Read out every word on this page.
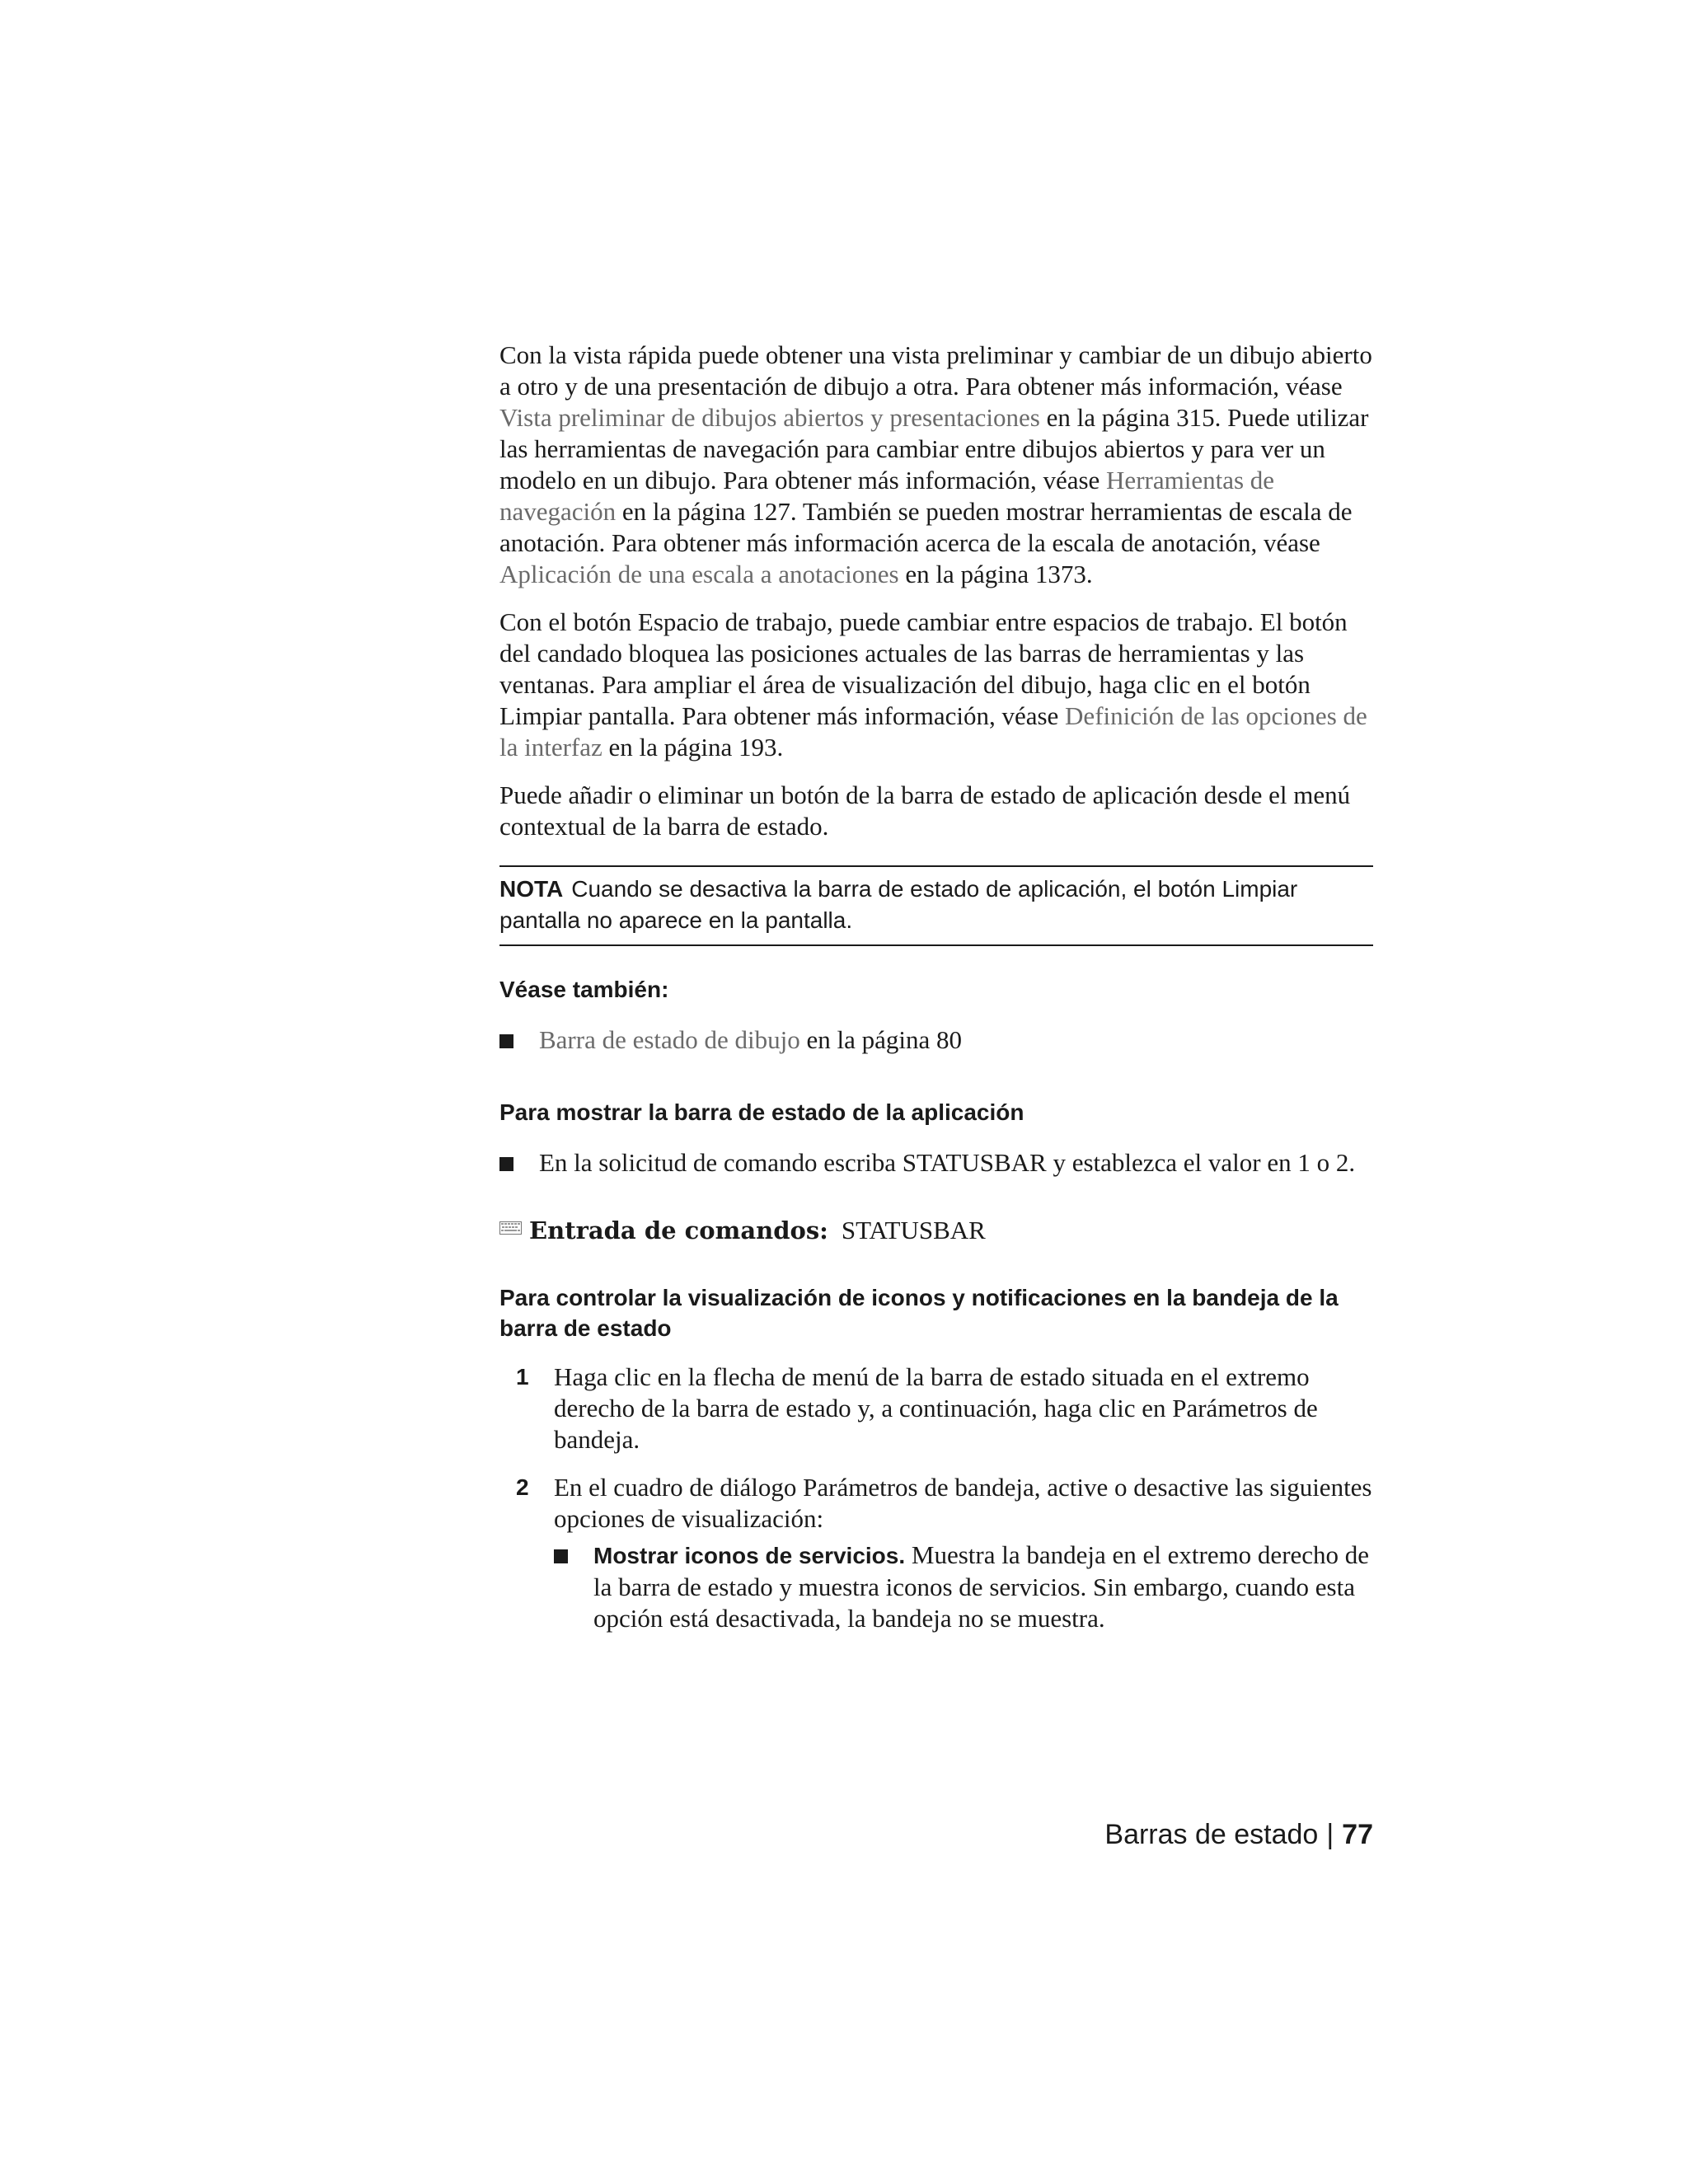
Con la vista rápida puede obtener una vista preliminar y cambiar de un dibujo abierto a otro y de una presentación de dibujo a otra. Para obtener más información, véase Vista preliminar de dibujos abiertos y presentaciones en la página 315. Puede utilizar las herramientas de navegación para cambiar entre dibujos abiertos y para ver un modelo en un dibujo. Para obtener más información, véase Herramientas de navegación en la página 127. También se pueden mostrar herramientas de escala de anotación. Para obtener más información acerca de la escala de anotación, véase Aplicación de una escala a anotaciones en la página 1373.

Con el botón Espacio de trabajo, puede cambiar entre espacios de trabajo. El botón del candado bloquea las posiciones actuales de las barras de herramientas y las ventanas. Para ampliar el área de visualización del dibujo, haga clic en el botón Limpiar pantalla. Para obtener más información, véase Definición de las opciones de la interfaz en la página 193.

Puede añadir o eliminar un botón de la barra de estado de aplicación desde el menú contextual de la barra de estado.

NOTA Cuando se desactiva la barra de estado de aplicación, el botón Limpiar pantalla no aparece en la pantalla.
Véase también:
Barra de estado de dibujo en la página 80
Para mostrar la barra de estado de la aplicación
En la solicitud de comando escriba STATUSBAR y establezca el valor en 1 o 2.
Entrada de comandos: STATUSBAR
Para controlar la visualización de iconos y notificaciones en la bandeja de la barra de estado
1 Haga clic en la flecha de menú de la barra de estado situada en el extremo derecho de la barra de estado y, a continuación, haga clic en Parámetros de bandeja.
2 En el cuadro de diálogo Parámetros de bandeja, active o desactive las siguientes opciones de visualización:
Mostrar iconos de servicios. Muestra la bandeja en el extremo derecho de la barra de estado y muestra iconos de servicios. Sin embargo, cuando esta opción está desactivada, la bandeja no se muestra.
Barras de estado | 77
